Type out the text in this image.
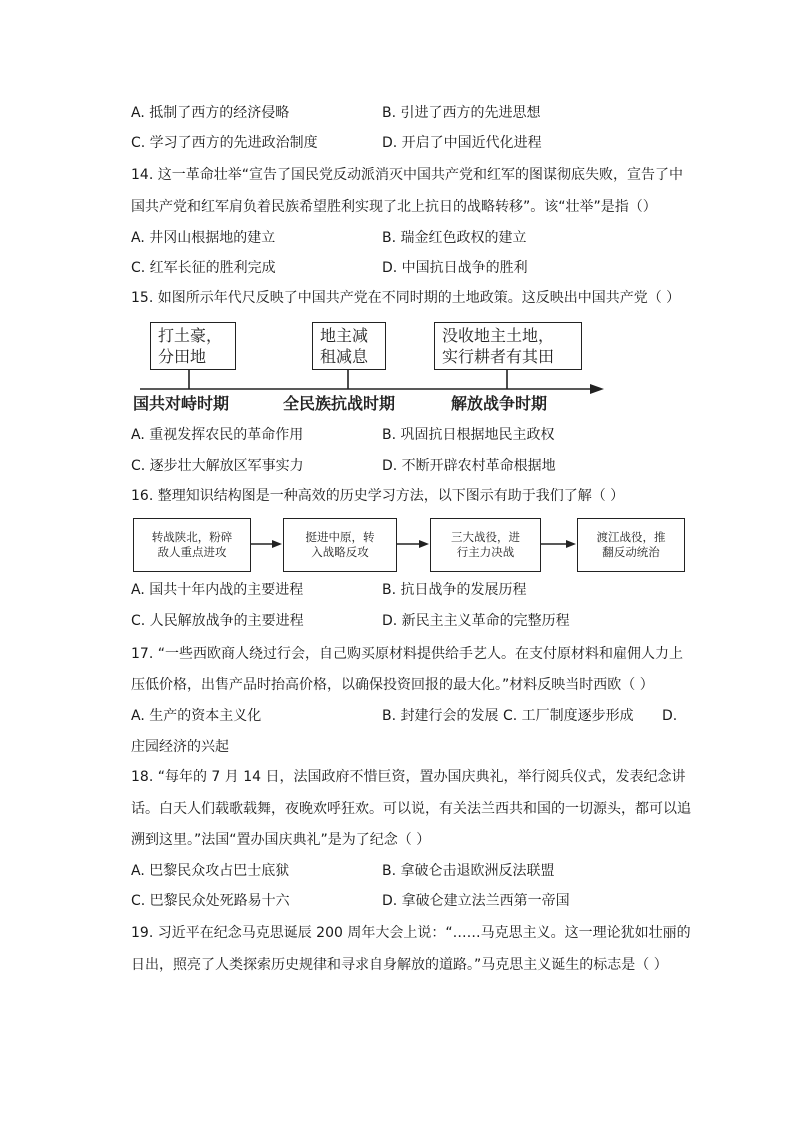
A. 抵制了西方的经济侵略	B. 引进了西方的先进思想
C. 学习了西方的先进政治制度	D. 开启了中国近代化进程
14. 这一革命壮举“宣告了国民党反动派消灭中国共产党和红军的图谋彻底失败，宣告了中
国共产党和红军肩负着民族希望胜利实现了北上抗日的战略转移”。该“壮举”是指（）
A. 井冈山根据地的建立	B. 瑞金红色政权的建立
C. 红军长征的胜利完成	D. 中国抗日战争的胜利
15. 如图所示年代尺反映了中国共产党在不同时期的土地政策。这反映出中国共产党（ ）
打土豪，
分田地
地主减
租减息
没收地主土地，
实行耕者有其田
国共对峙时期	全民族抗战时期	解放战争时期
A. 重视发挥农民的革命作用	B. 巩固抗日根据地民主政权
C. 逐步壮大解放区军事实力	D. 不断开辟农村革命根据地
16. 整理知识结构图是一种高效的历史学习方法，以下图示有助于我们了解（ ）
转战陕北，粉碎
敌人重点进攻
挺进中原，转
入战略反攻
三大战役，进
行主力决战
渡江战役，推
翻反动统治
A. 国共十年内战的主要进程	B. 抗日战争的发展历程
C. 人民解放战争的主要进程	D. 新民主主义革命的完整历程
17. “一些西欧商人绕过行会，自己购买原材料提供给手艺人。在支付原材料和雇佣人力上
压低价格，出售产品时抬高价格，以确保投资回报的最大化。”材料反映当时西欧（ ）
A. 生产的资本主义化	B. 封建行会的发展 C. 工厂制度逐步形成 D.
庄园经济的兴起
18. “每年的 7 月 14 日，法国政府不惜巨资，置办国庆典礼，举行阅兵仪式，发表纪念讲
话。白天人们载歌载舞，夜晚欢呼狂欢。可以说，有关法兰西共和国的一切源头，都可以追
溯到这里。”法国“置办国庆典礼”是为了纪念（ ）
A. 巴黎民众攻占巴士底狱	B. 拿破仑击退欧洲反法联盟
C. 巴黎民众处死路易十六	D. 拿破仑建立法兰西第一帝国
19. 习近平在纪念马克思诞辰 200 周年大会上说：“……马克思主义。这一理论犹如壮丽的
日出，照亮了人类探索历史规律和寻求自身解放的道路。”马克思主义诞生的标志是（ ）
